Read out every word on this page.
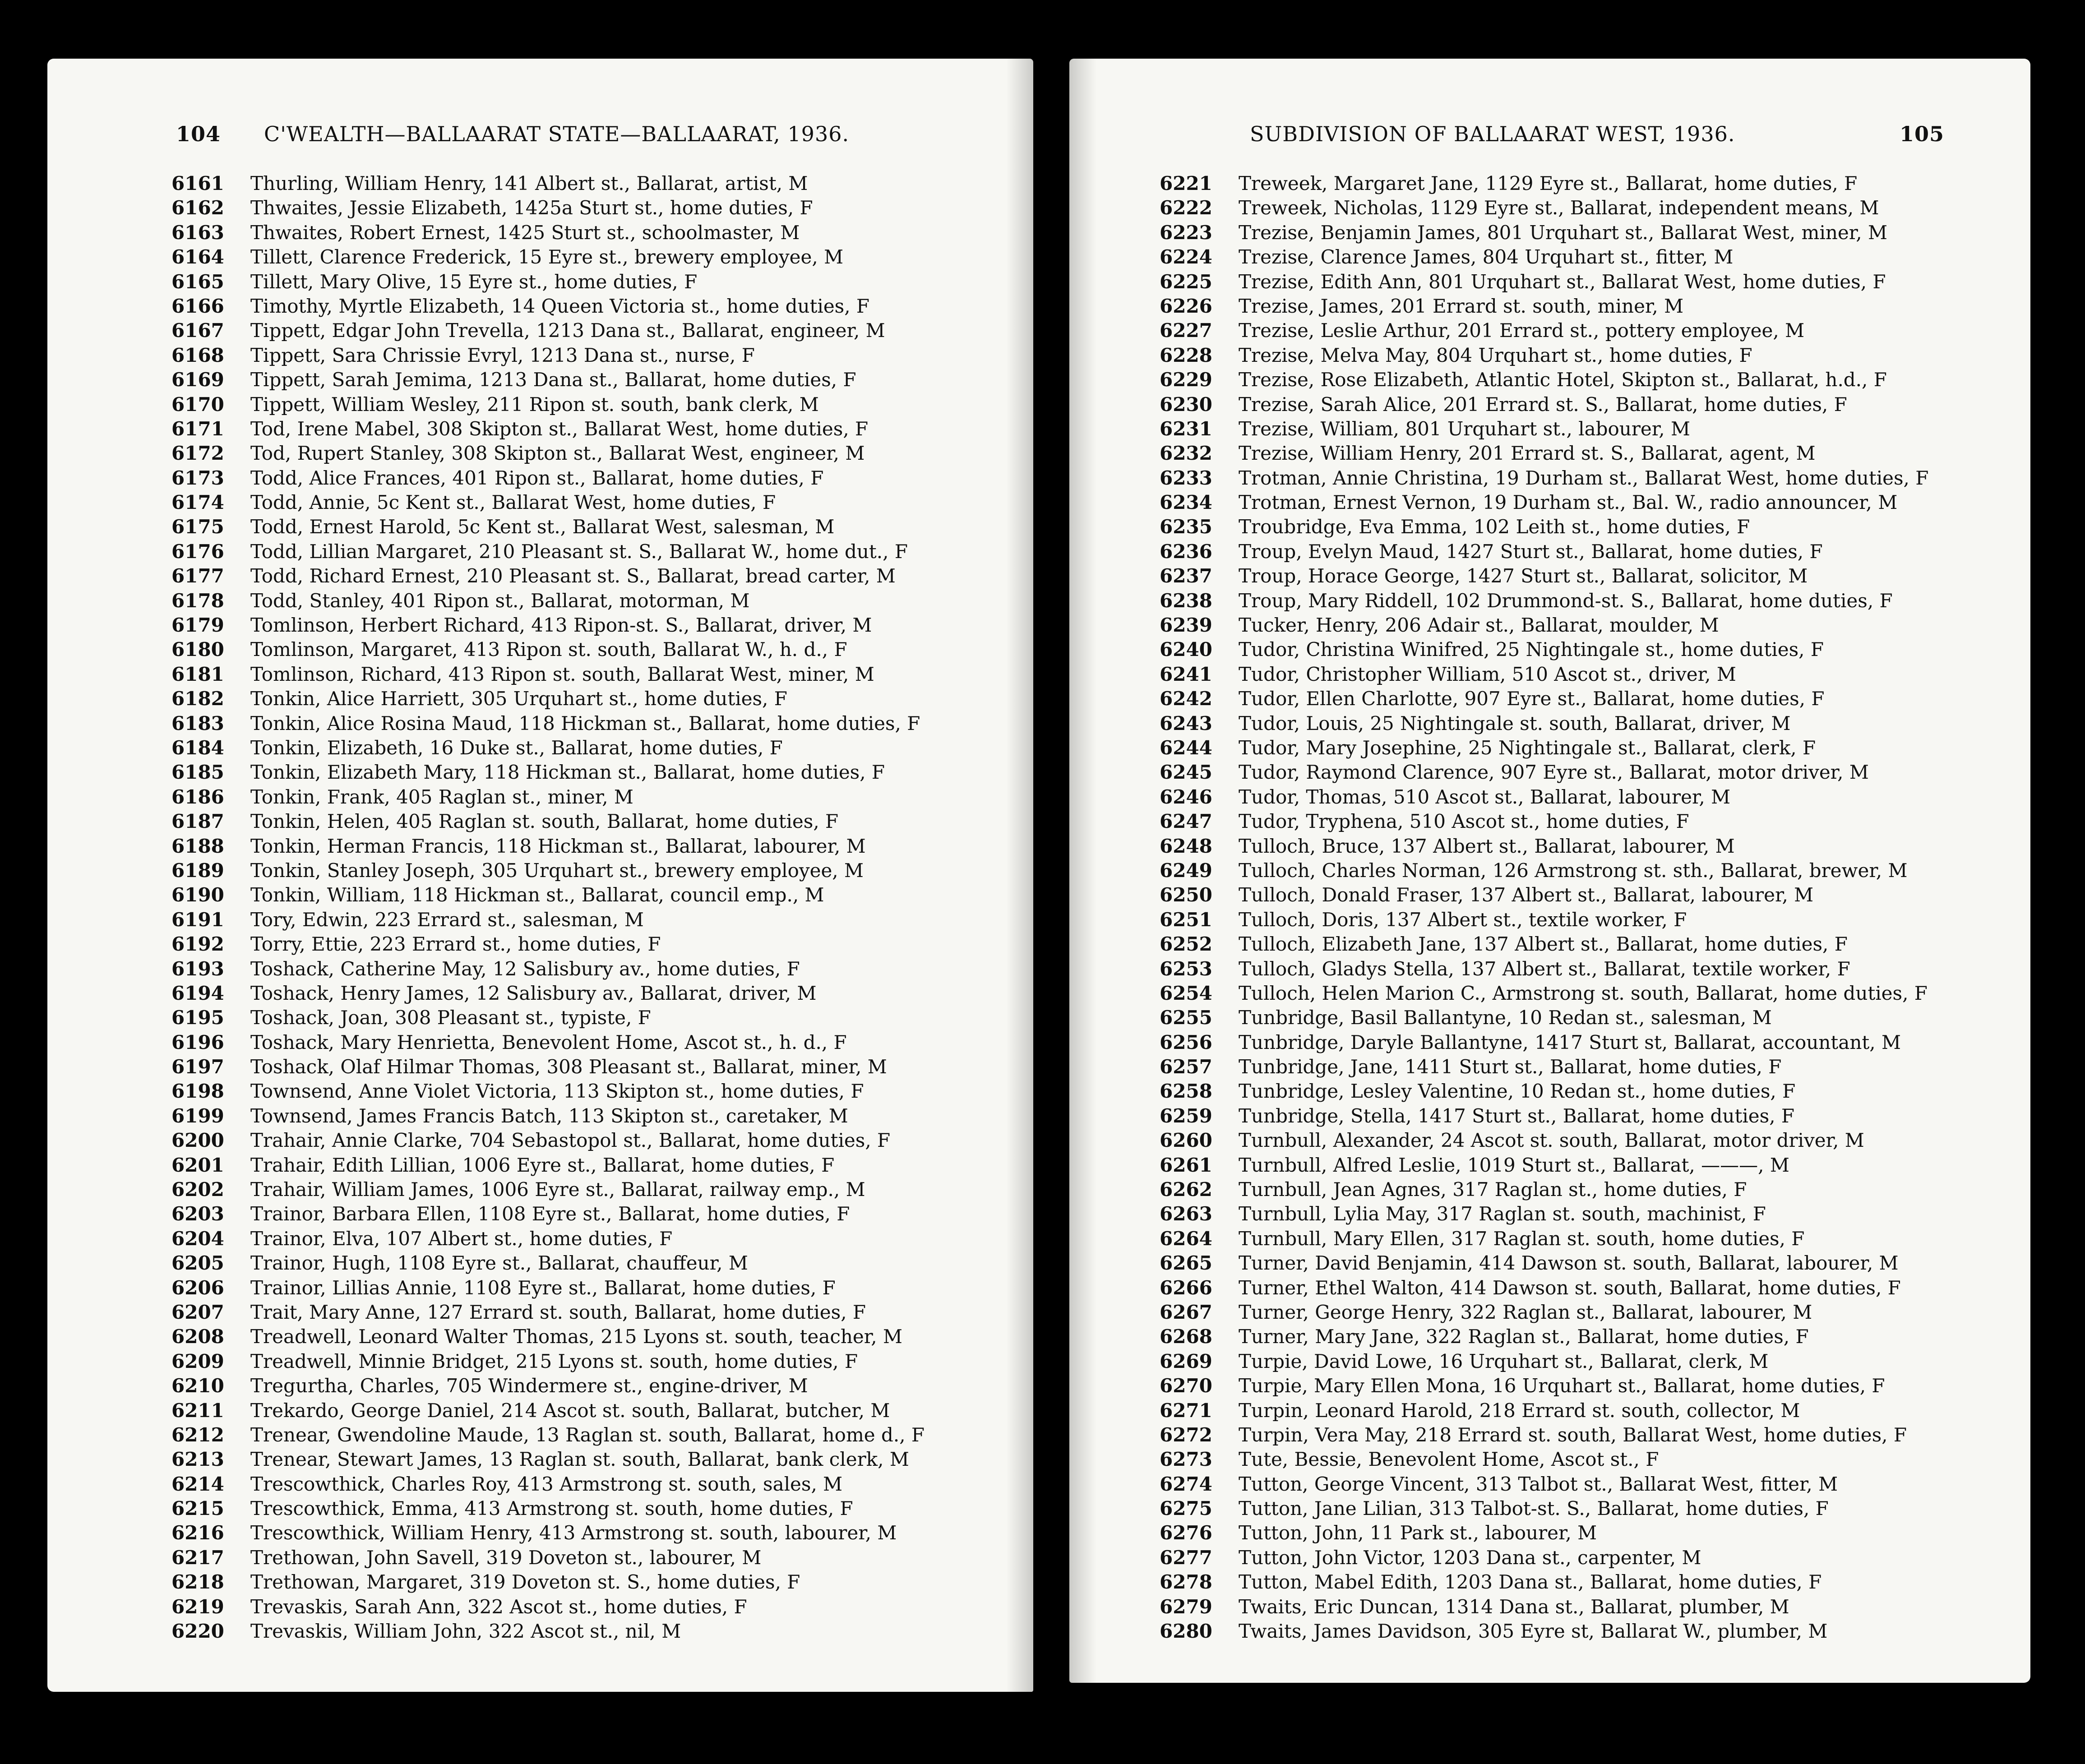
104 C'WEALTH—BALLAARAT STATE—BALLAARAT, 1936.
6161 Thurling, William Henry, 141 Albert st., Ballarat, artist, M
6162 Thwaites, Jessie Elizabeth, 1425a Sturt st., home duties, F
6163 Thwaites, Robert Ernest, 1425 Sturt st., schoolmaster, M
6164 Tillett, Clarence Frederick, 15 Eyre st., brewery employee, M
6165 Tillett, Mary Olive, 15 Eyre st., home duties, F
6166 Timothy, Myrtle Elizabeth, 14 Queen Victoria st., home duties, F
6167 Tippett, Edgar John Trevella, 1213 Dana st., Ballarat, engineer, M
6168 Tippett, Sara Chrissie Evryl, 1213 Dana st., nurse, F
6169 Tippett, Sarah Jemima, 1213 Dana st., Ballarat, home duties, F
6170 Tippett, William Wesley, 211 Ripon st. south, bank clerk, M
6171 Tod, Irene Mabel, 308 Skipton st., Ballarat West, home duties, F
6172 Tod, Rupert Stanley, 308 Skipton st., Ballarat West, engineer, M
6173 Todd, Alice Frances, 401 Ripon st., Ballarat, home duties, F
6174 Todd, Annie, 5c Kent st., Ballarat West, home duties, F
6175 Todd, Ernest Harold, 5c Kent st., Ballarat West, salesman, M
6176 Todd, Lillian Margaret, 210 Pleasant st. S., Ballarat W., home dut., F
6177 Todd, Richard Ernest, 210 Pleasant st. S., Ballarat, bread carter, M
6178 Todd, Stanley, 401 Ripon st., Ballarat, motorman, M
6179 Tomlinson, Herbert Richard, 413 Ripon-st. S., Ballarat, driver, M
6180 Tomlinson, Margaret, 413 Ripon st. south, Ballarat W., h. d., F
6181 Tomlinson, Richard, 413 Ripon st. south, Ballarat West, miner, M
6182 Tonkin, Alice Harriett, 305 Urquhart st., home duties, F
6183 Tonkin, Alice Rosina Maud, 118 Hickman st., Ballarat, home duties, F
6184 Tonkin, Elizabeth, 16 Duke st., Ballarat, home duties, F
6185 Tonkin, Elizabeth Mary, 118 Hickman st., Ballarat, home duties, F
6186 Tonkin, Frank, 405 Raglan st., miner, M
6187 Tonkin, Helen, 405 Raglan st. south, Ballarat, home duties, F
6188 Tonkin, Herman Francis, 118 Hickman st., Ballarat, labourer, M
6189 Tonkin, Stanley Joseph, 305 Urquhart st., brewery employee, M
6190 Tonkin, William, 118 Hickman st., Ballarat, council emp., M
6191 Tory, Edwin, 223 Errard st., salesman, M
6192 Torry, Ettie, 223 Errard st., home duties, F
6193 Toshack, Catherine May, 12 Salisbury av., home duties, F
6194 Toshack, Henry James, 12 Salisbury av., Ballarat, driver, M
6195 Toshack, Joan, 308 Pleasant st., typiste, F
6196 Toshack, Mary Henrietta, Benevolent Home, Ascot st., h. d., F
6197 Toshack, Olaf Hilmar Thomas, 308 Pleasant st., Ballarat, miner, M
6198 Townsend, Anne Violet Victoria, 113 Skipton st., home duties, F
6199 Townsend, James Francis Batch, 113 Skipton st., caretaker, M
6200 Trahair, Annie Clarke, 704 Sebastopol st., Ballarat, home duties, F
6201 Trahair, Edith Lillian, 1006 Eyre st., Ballarat, home duties, F
6202 Trahair, William James, 1006 Eyre st., Ballarat, railway emp., M
6203 Trainor, Barbara Ellen, 1108 Eyre st., Ballarat, home duties, F
6204 Trainor, Elva, 107 Albert st., home duties, F
6205 Trainor, Hugh, 1108 Eyre st., Ballarat, chauffeur, M
6206 Trainor, Lillias Annie, 1108 Eyre st., Ballarat, home duties, F
6207 Trait, Mary Anne, 127 Errard st. south, Ballarat, home duties, F
6208 Treadwell, Leonard Walter Thomas, 215 Lyons st. south, teacher, M
6209 Treadwell, Minnie Bridget, 215 Lyons st. south, home duties, F
6210 Tregurtha, Charles, 705 Windermere st., engine-driver, M
6211 Trekardo, George Daniel, 214 Ascot st. south, Ballarat, butcher, M
6212 Trenear, Gwendoline Maude, 13 Raglan st. south, Ballarat, home d., F
6213 Trenear, Stewart James, 13 Raglan st. south, Ballarat, bank clerk, M
6214 Trescowthick, Charles Roy, 413 Armstrong st. south, sales, M
6215 Trescowthick, Emma, 413 Armstrong st. south, home duties, F
6216 Trescowthick, William Henry, 413 Armstrong st. south, labourer, M
6217 Trethowan, John Savell, 319 Doveton st., labourer, M
6218 Trethowan, Margaret, 319 Doveton st. S., home duties, F
6219 Trevaskis, Sarah Ann, 322 Ascot st., home duties, F
6220 Trevaskis, William John, 322 Ascot st., nil, M
SUBDIVISION OF BALLAARAT WEST, 1936.	105
6221 Treweek, Margaret Jane, 1129 Eyre st., Ballarat, home duties, F
6222 Treweek, Nicholas, 1129 Eyre st., Ballarat, independent means, M
6223 Trezise, Benjamin James, 801 Urquhart st., Ballarat West, miner, M
6224 Trezise, Clarence James, 804 Urquhart st., fitter, M
6225 Trezise, Edith Ann, 801 Urquhart st., Ballarat West, home duties, F
6226 Trezise, James, 201 Errard st. south, miner, M
6227 Trezise, Leslie Arthur, 201 Errard st., pottery employee, M
6228 Trezise, Melva May, 804 Urquhart st., home duties, F
6229 Trezise, Rose Elizabeth, Atlantic Hotel, Skipton st., Ballarat, h.d., F
6230 Trezise, Sarah Alice, 201 Errard st. S., Ballarat, home duties, F
6231 Trezise, William, 801 Urquhart st., labourer, M
6232 Trezise, William Henry, 201 Errard st. S., Ballarat, agent, M
6233 Trotman, Annie Christina, 19 Durham st., Ballarat West, home duties, F
6234 Trotman, Ernest Vernon, 19 Durham st., Bal. W., radio announcer, M
6235 Troubridge, Eva Emma, 102 Leith st., home duties, F
6236 Troup, Evelyn Maud, 1427 Sturt st., Ballarat, home duties, F
6237 Troup, Horace George, 1427 Sturt st., Ballarat, solicitor, M
6238 Troup, Mary Riddell, 102 Drummond-st. S., Ballarat, home duties, F
6239 Tucker, Henry, 206 Adair st., Ballarat, moulder, M
6240 Tudor, Christina Winifred, 25 Nightingale st., home duties, F
6241 Tudor, Christopher William, 510 Ascot st., driver, M
6242 Tudor, Ellen Charlotte, 907 Eyre st., Ballarat, home duties, F
6243 Tudor, Louis, 25 Nightingale st. south, Ballarat, driver, M
6244 Tudor, Mary Josephine, 25 Nightingale st., Ballarat, clerk, F
6245 Tudor, Raymond Clarence, 907 Eyre st., Ballarat, motor driver, M
6246 Tudor, Thomas, 510 Ascot st., Ballarat, labourer, M
6247 Tudor, Tryphena, 510 Ascot st., home duties, F
6248 Tulloch, Bruce, 137 Albert st., Ballarat, labourer, M
6249 Tulloch, Charles Norman, 126 Armstrong st. sth., Ballarat, brewer, M
6250 Tulloch, Donald Fraser, 137 Albert st., Ballarat, labourer, M
6251 Tulloch, Doris, 137 Albert st., textile worker, F
6252 Tulloch, Elizabeth Jane, 137 Albert st., Ballarat, home duties, F
6253 Tulloch, Gladys Stella, 137 Albert st., Ballarat, textile worker, F
6254 Tulloch, Helen Marion C., Armstrong st. south, Ballarat, home duties, F
6255 Tunbridge, Basil Ballantyne, 10 Redan st., salesman, M
6256 Tunbridge, Daryle Ballantyne, 1417 Sturt st, Ballarat, accountant, M
6257 Tunbridge, Jane, 1411 Sturt st., Ballarat, home duties, F
6258 Tunbridge, Lesley Valentine, 10 Redan st., home duties, F
6259 Tunbridge, Stella, 1417 Sturt st., Ballarat, home duties, F
6260 Turnbull, Alexander, 24 Ascot st. south, Ballarat, motor driver, M
6261 Turnbull, Alfred Leslie, 1019 Sturt st., Ballarat, ———, M
6262 Turnbull, Jean Agnes, 317 Raglan st., home duties, F
6263 Turnbull, Lylia May, 317 Raglan st. south, machinist, F
6264 Turnbull, Mary Ellen, 317 Raglan st. south, home duties, F
6265 Turner, David Benjamin, 414 Dawson st. south, Ballarat, labourer, M
6266 Turner, Ethel Walton, 414 Dawson st. south, Ballarat, home duties, F
6267 Turner, George Henry, 322 Raglan st., Ballarat, labourer, M
6268 Turner, Mary Jane, 322 Raglan st., Ballarat, home duties, F
6269 Turpie, David Lowe, 16 Urquhart st., Ballarat, clerk, M
6270 Turpie, Mary Ellen Mona, 16 Urquhart st., Ballarat, home duties, F
6271 Turpin, Leonard Harold, 218 Errard st. south, collector, M
6272 Turpin, Vera May, 218 Errard st. south, Ballarat West, home duties, F
6273 Tute, Bessie, Benevolent Home, Ascot st., F
6274 Tutton, George Vincent, 313 Talbot st., Ballarat West, fitter, M
6275 Tutton, Jane Lilian, 313 Talbot-st. S., Ballarat, home duties, F
6276 Tutton, John, 11 Park st., labourer, M
6277 Tutton, John Victor, 1203 Dana st., carpenter, M
6278 Tutton, Mabel Edith, 1203 Dana st., Ballarat, home duties, F
6279 Twaits, Eric Duncan, 1314 Dana st., Ballarat, plumber, M
6280 Twaits, James Davidson, 305 Eyre st, Ballarat W., plumber, M
